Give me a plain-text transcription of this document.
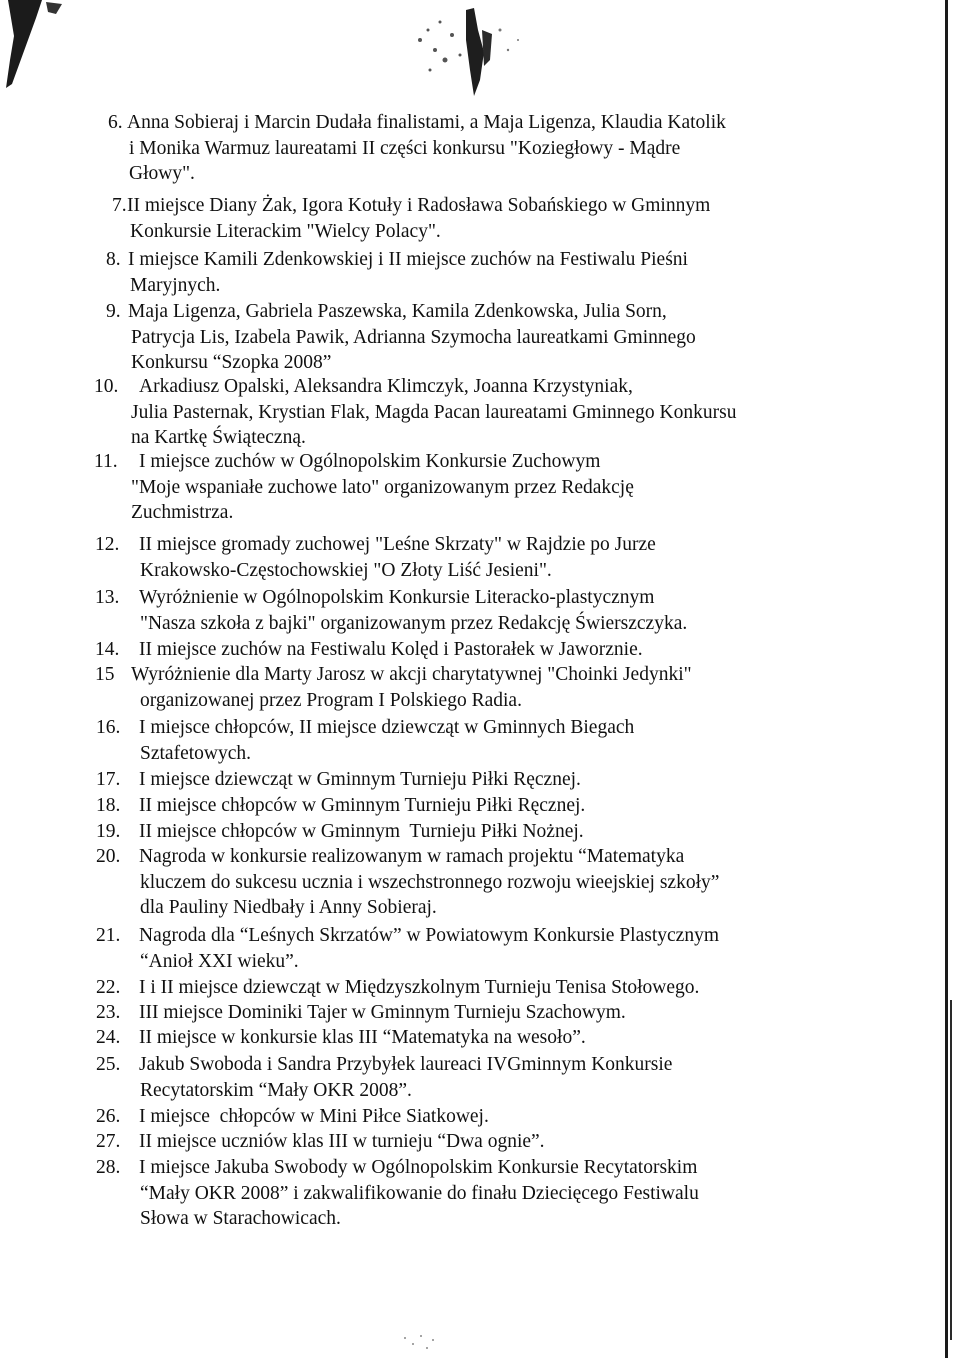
6. Anna Sobieraj i Marcin Dudała finalistami, a Maja Ligenza, Klaudia Katolik
i Monika Warmuz laureatami II części konkursu "Koziegłowy - Mądre
Głowy".
7. II miejsce Diany Żak, Igora Kotuły i Radosława Sobańskiego w Gminnym
Konkursie Literackim "Wielcy Polacy".
8. I miejsce Kamili Zdenkowskiej i II miejsce zuchów na Festiwalu Pieśni
Maryjnych.
9. Maja Ligenza, Gabriela Paszewska, Kamila Zdenkowska, Julia Sorn,
Patrycja Lis, Izabela Pawik, Adrianna Szymocha laureatkami Gminnego
Konkursu “Szopka 2008”
10. Arkadiusz Opalski, Aleksandra Klimczyk, Joanna Krzystyniak,
Julia Pasternak, Krystian Flak, Magda Pacan laureatami Gminnego Konkursu
na Kartkę Świąteczną.
11. I miejsce zuchów w Ogólnopolskim Konkursie Zuchowym
"Moje wspaniałe zuchowe lato" organizowanym przez Redakcję
Zuchmistrza.
12. II miejsce gromady zuchowej "Leśne Skrzaty" w Rajdzie po Jurze
Krakowsko-Częstochowskiej "O Złoty Liść Jesieni".
13. Wyróżnienie w Ogólnopolskim Konkursie Literacko-plastycznym
"Nasza szkoła z bajki" organizowanym przez Redakcję Świerszczyka.
14. II miejsce zuchów na Festiwalu Kolęd i Pastorałek w Jaworznie.
15 Wyróżnienie dla Marty Jarosz w akcji charytatywnej "Choinki Jedynki"
organizowanej przez Program I Polskiego Radia.
16. I miejsce chłopców, II miejsce dziewcząt w Gminnych Biegach
Sztafetowych.
17. I miejsce dziewcząt w Gminnym Turnieju Piłki Ręcznej.
18. II miejsce chłopców w Gminnym Turnieju Piłki Ręcznej.
19. II miejsce chłopców w Gminnym  Turnieju Piłki Nożnej.
20. Nagroda w konkursie realizowanym w ramach projektu “Matematyka
kluczem do sukcesu ucznia i wszechstronnego rozwoju wieejskiej szkoły”
dla Pauliny Niedbały i Anny Sobieraj.
21. Nagroda dla “Leśnych Skrzatów” w Powiatowym Konkursie Plastycznym
“Anioł XXI wieku”.
22. I i II miejsce dziewcząt w Międzyszkolnym Turnieju Tenisa Stołowego.
23. III miejsce Dominiki Tajer w Gminnym Turnieju Szachowym.
24. II miejsce w konkursie klas III “Matematyka na wesoło”.
25. Jakub Swoboda i Sandra Przybyłek laureaci IVGminnym Konkursie
Recytatorskim “Mały OKR 2008”.
26. I miejsce  chłopców w Mini Piłce Siatkowej.
27. II miejsce uczniów klas III w turnieju “Dwa ognie”.
28. I miejsce Jakuba Swobody w Ogólnopolskim Konkursie Recytatorskim
“Mały OKR 2008” i zakwalifikowanie do finału Dziecięcego Festiwalu
Słowa w Starachowicach.
